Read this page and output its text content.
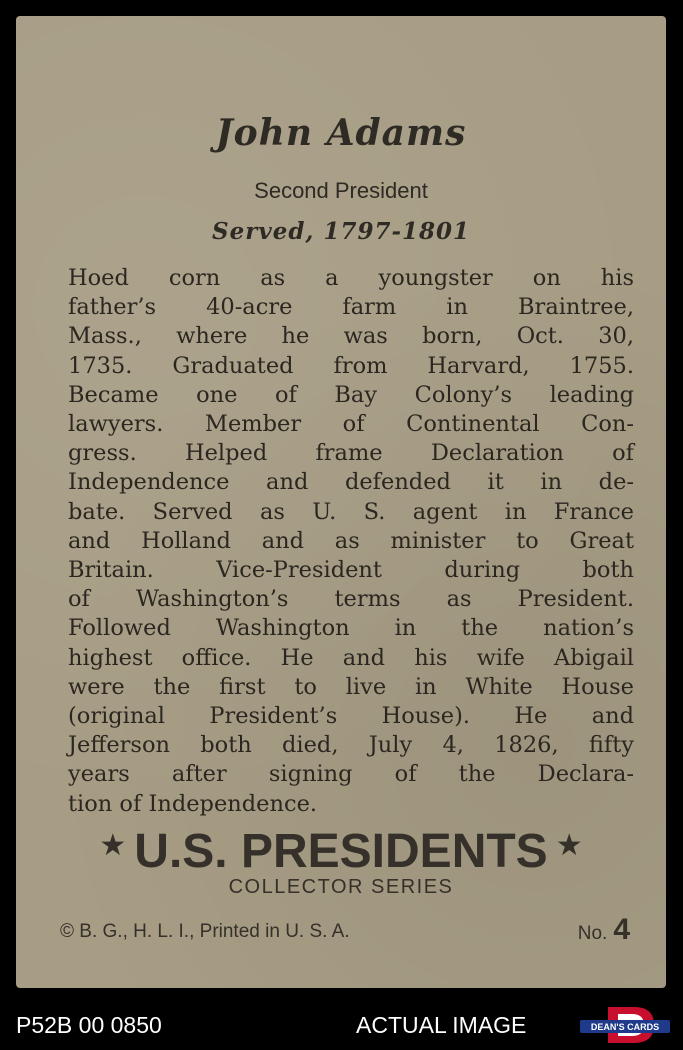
John Adams
Second President
Served, 1797-1801

Hoed corn as a youngster on his
father’s 40-acre farm in Braintree,
Mass., where he was born, Oct. 30,
1735. Graduated from Harvard, 1755.
Became one of Bay Colony’s leading
lawyers. Member of Continental Con-
gress. Helped frame Declaration of
Independence and defended it in de-
bate. Served as U. S. agent in France
and Holland and as minister to Great
Britain. Vice-President during both
of Washington’s terms as President.
Followed Washington in the nation’s
highest office. He and his wife Abigail
were the first to live in White House
(original President’s House). He and
Jefferson both died, July 4, 1826, fifty
years after signing of the Declara-
tion of Independence.

★ U.S. PRESIDENTS ★
COLLECTOR SERIES
© B. G., H. L. I., Printed in U. S. A.	No. 4
P52B 00 0850	ACTUAL IMAGE	DEAN'S CARDS
